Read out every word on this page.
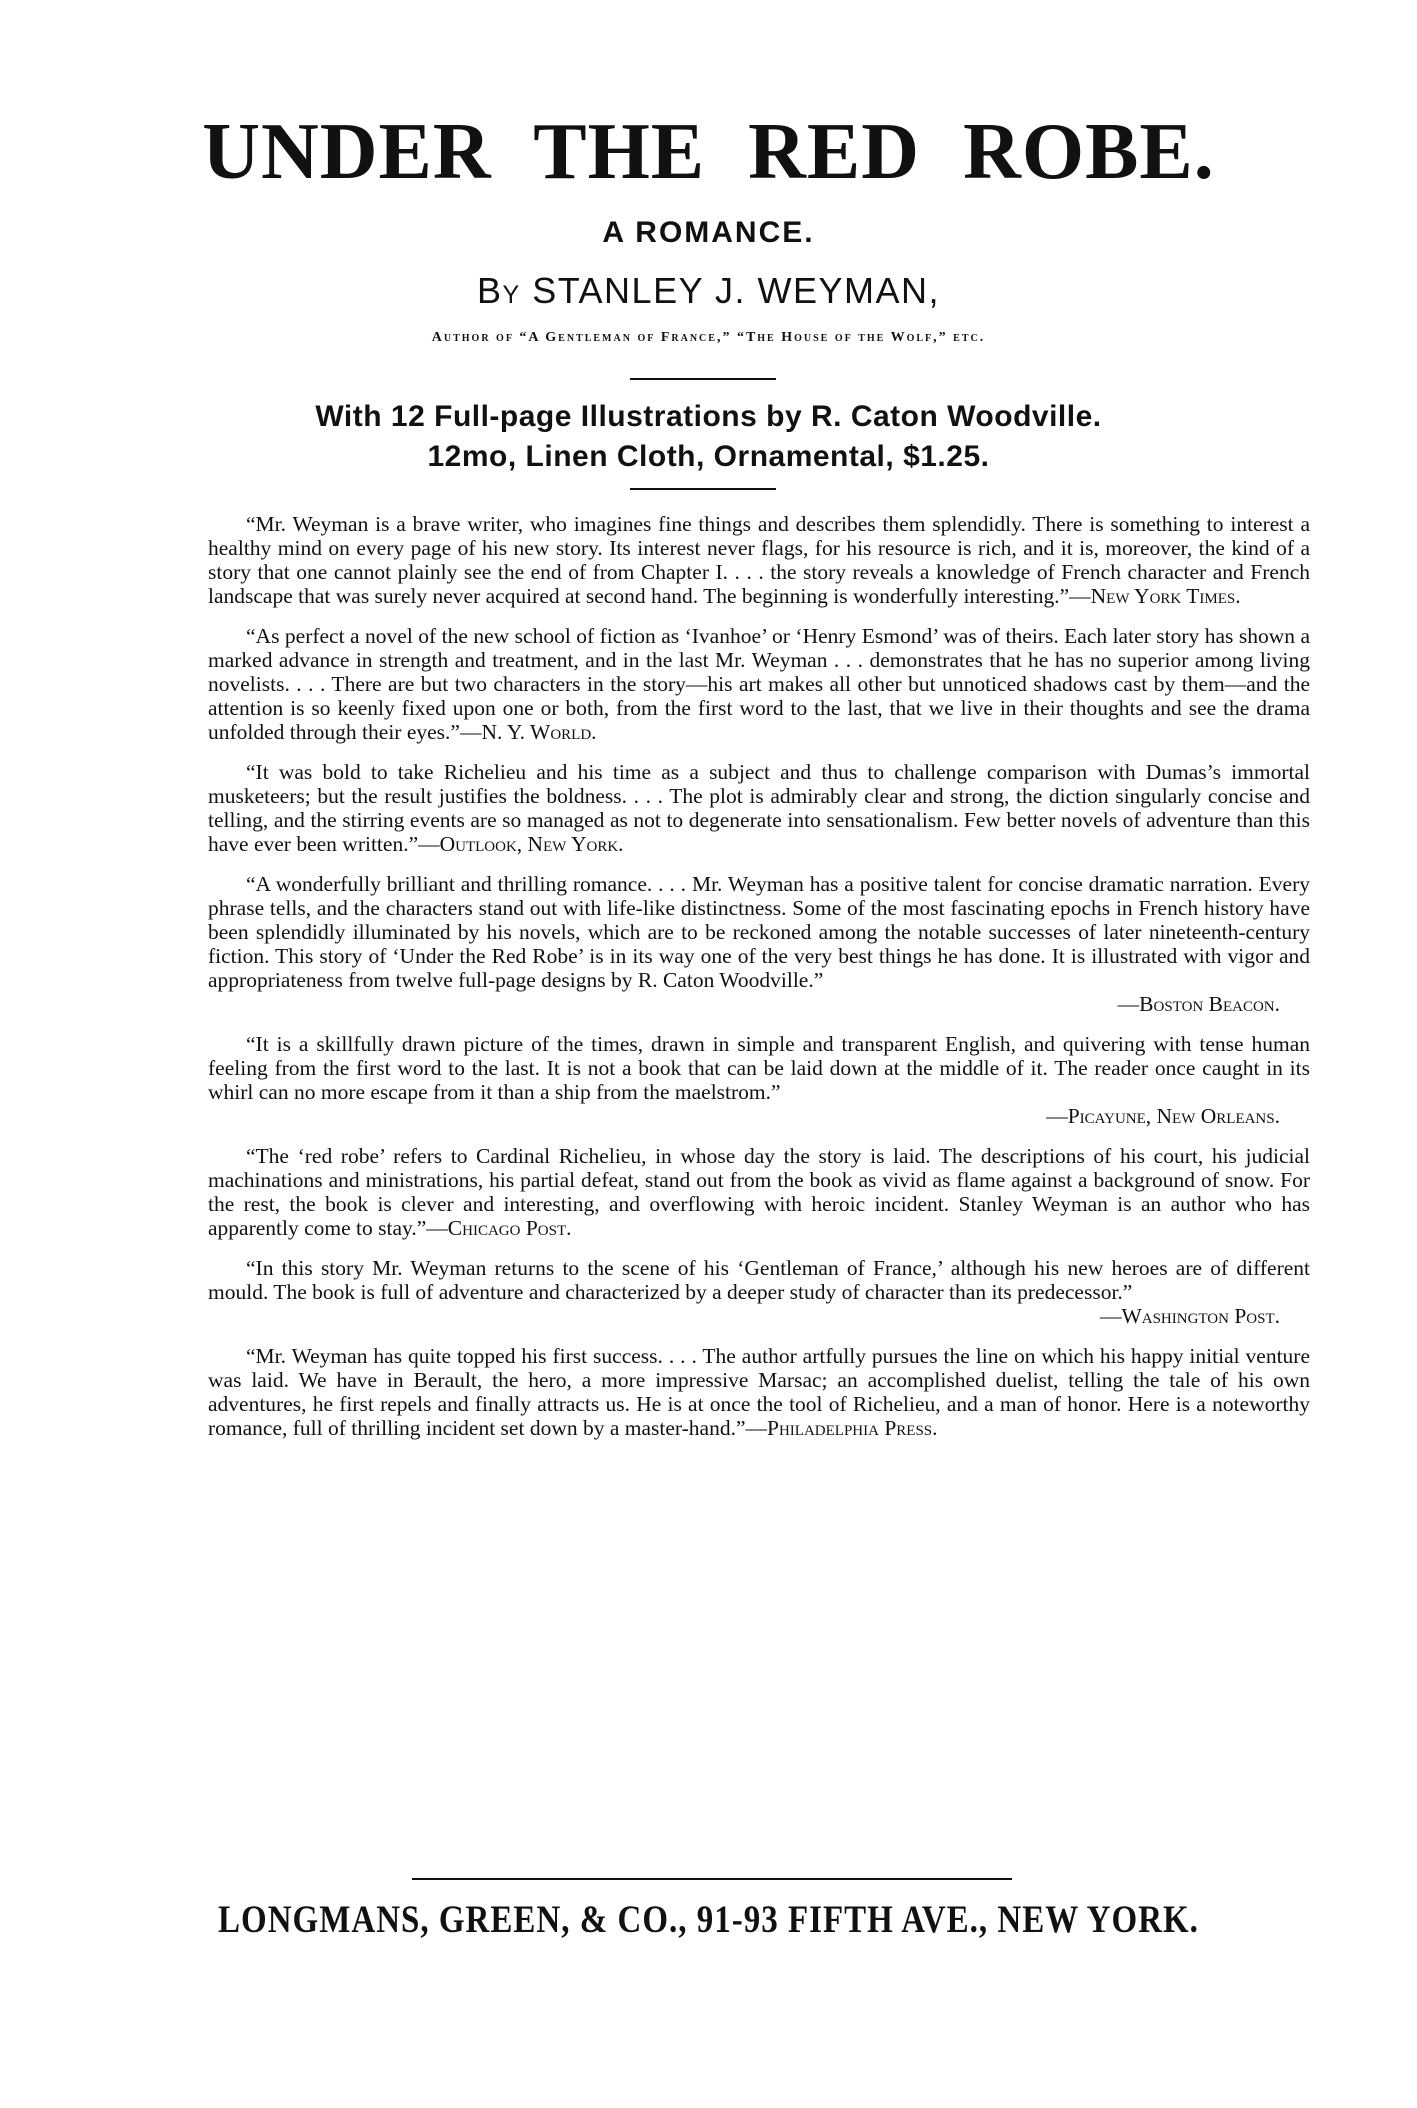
UNDER THE RED ROBE.
A ROMANCE.
By STANLEY J. WEYMAN,
Author of “A Gentleman of France,” “The House of the Wolf,” etc.
With 12 Full-page Illustrations by R. Caton Woodville.
12mo, Linen Cloth, Ornamental, $1.25.

“Mr. Weyman is a brave writer, who imagines fine things and describes them splendidly. There is something to interest a healthy mind on every page of his new story. Its interest never flags, for his resource is rich, and it is, moreover, the kind of a story that one cannot plainly see the end of from Chapter I. . . . the story reveals a knowledge of French character and French landscape that was surely never acquired at second hand. The beginning is wonderfully interesting.”—New York Times.

“As perfect a novel of the new school of fiction as ‘Ivanhoe’ or ‘Henry Esmond’ was of theirs. Each later story has shown a marked advance in strength and treatment, and in the last Mr. Weyman . . . demonstrates that he has no superior among living novelists. . . . There are but two characters in the story—his art makes all other but unnoticed shadows cast by them—and the attention is so keenly fixed upon one or both, from the first word to the last, that we live in their thoughts and see the drama unfolded through their eyes.”—N. Y. World.

“It was bold to take Richelieu and his time as a subject and thus to challenge comparison with Dumas’s immortal musketeers; but the result justifies the boldness. . . . The plot is admirably clear and strong, the diction singularly concise and telling, and the stirring events are so managed as not to degenerate into sensationalism. Few better novels of adventure than this have ever been written.”—Outlook, New York.

“A wonderfully brilliant and thrilling romance. . . . Mr. Weyman has a positive talent for concise dramatic narration. Every phrase tells, and the characters stand out with life-like distinctness. Some of the most fascinating epochs in French history have been splendidly illuminated by his novels, which are to be reckoned among the notable successes of later nineteenth-century fiction. This story of ‘Under the Red Robe’ is in its way one of the very best things he has done. It is illustrated with vigor and appropriateness from twelve full-page designs by R. Caton Woodville.”

—Boston Beacon.

“It is a skillfully drawn picture of the times, drawn in simple and transparent English, and quivering with tense human feeling from the first word to the last. It is not a book that can be laid down at the middle of it. The reader once caught in its whirl can no more escape from it than a ship from the maelstrom.”

—Picayune, New Orleans.

“The ‘red robe’ refers to Cardinal Richelieu, in whose day the story is laid. The descriptions of his court, his judicial machinations and ministrations, his partial defeat, stand out from the book as vivid as flame against a background of snow. For the rest, the book is clever and interesting, and overflowing with heroic incident. Stanley Weyman is an author who has apparently come to stay.”—Chicago Post.

“In this story Mr. Weyman returns to the scene of his ‘Gentleman of France,’ although his new heroes are of different mould. The book is full of adventure and characterized by a deeper study of character than its predecessor.”

—Washington Post.

“Mr. Weyman has quite topped his first success. . . . The author artfully pursues the line on which his happy initial venture was laid. We have in Berault, the hero, a more impressive Marsac; an accomplished duelist, telling the tale of his own adventures, he first repels and finally attracts us. He is at once the tool of Richelieu, and a man of honor. Here is a noteworthy romance, full of thrilling incident set down by a master-hand.”—Philadelphia Press.

LONGMANS, GREEN, & CO., 91-93 FIFTH AVE., NEW YORK.
